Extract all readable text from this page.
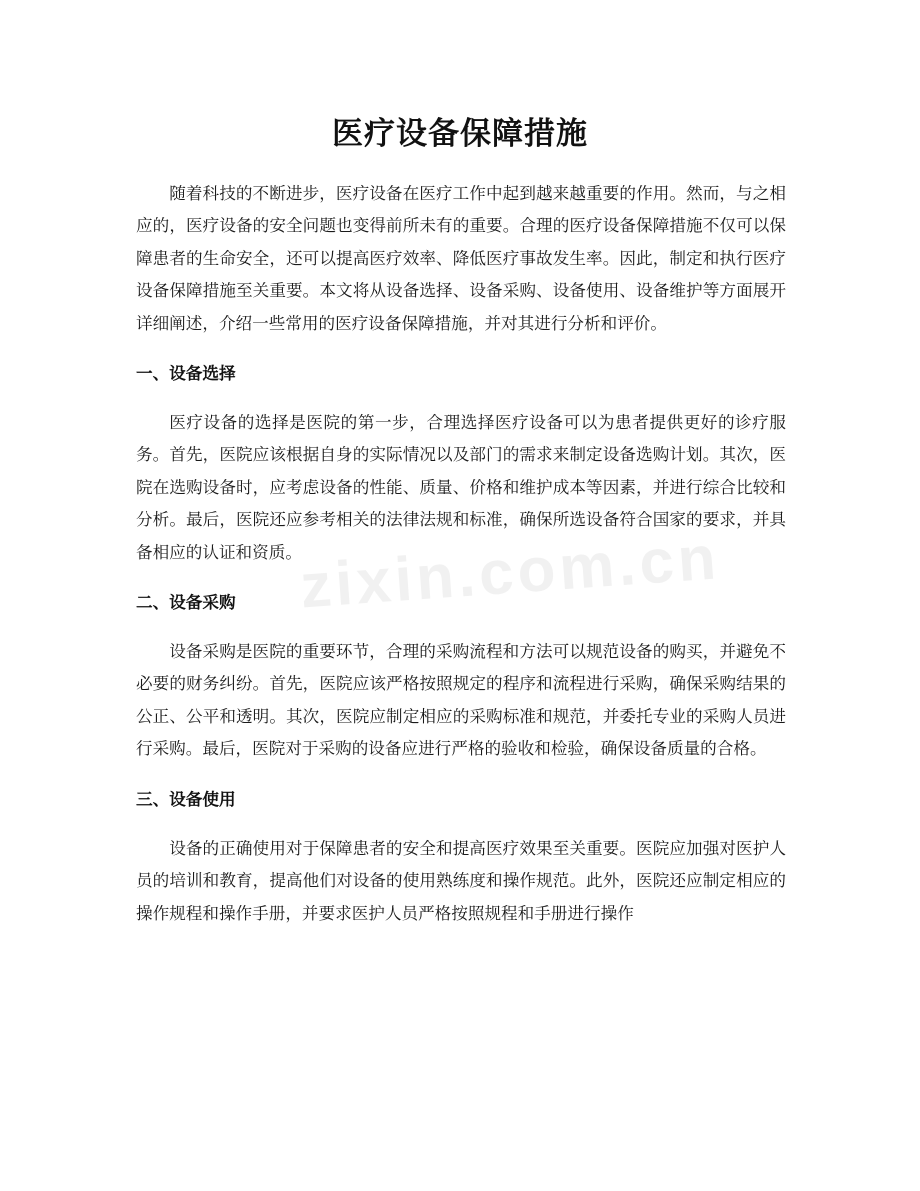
医疗设备保障措施

随着科技的不断进步，医疗设备在医疗工作中起到越来越重要的作用。然而，与之相应的，医疗设备的安全问题也变得前所未有的重要。合理的医疗设备保障措施不仅可以保障患者的生命安全，还可以提高医疗效率、降低医疗事故发生率。因此，制定和执行医疗设备保障措施至关重要。本文将从设备选择、设备采购、设备使用、设备维护等方面展开详细阐述，介绍一些常用的医疗设备保障措施，并对其进行分析和评价。

一、设备选择

医疗设备的选择是医院的第一步，合理选择医疗设备可以为患者提供更好的诊疗服务。首先，医院应该根据自身的实际情况以及部门的需求来制定设备选购计划。其次，医院在选购设备时，应考虑设备的性能、质量、价格和维护成本等因素，并进行综合比较和分析。最后，医院还应参考相关的法律法规和标准，确保所选设备符合国家的要求，并具备相应的认证和资质。

二、设备采购

设备采购是医院的重要环节，合理的采购流程和方法可以规范设备的购买，并避免不必要的财务纠纷。首先，医院应该严格按照规定的程序和流程进行采购，确保采购结果的公正、公平和透明。其次，医院应制定相应的采购标准和规范，并委托专业的采购人员进行采购。最后，医院对于采购的设备应进行严格的验收和检验，确保设备质量的合格。

三、设备使用

设备的正确使用对于保障患者的安全和提高医疗效果至关重要。医院应加强对医护人员的培训和教育，提高他们对设备的使用熟练度和操作规范。此外，医院还应制定相应的操作规程和操作手册，并要求医护人员严格按照规程和手册进行操作

zixin.com.cn
